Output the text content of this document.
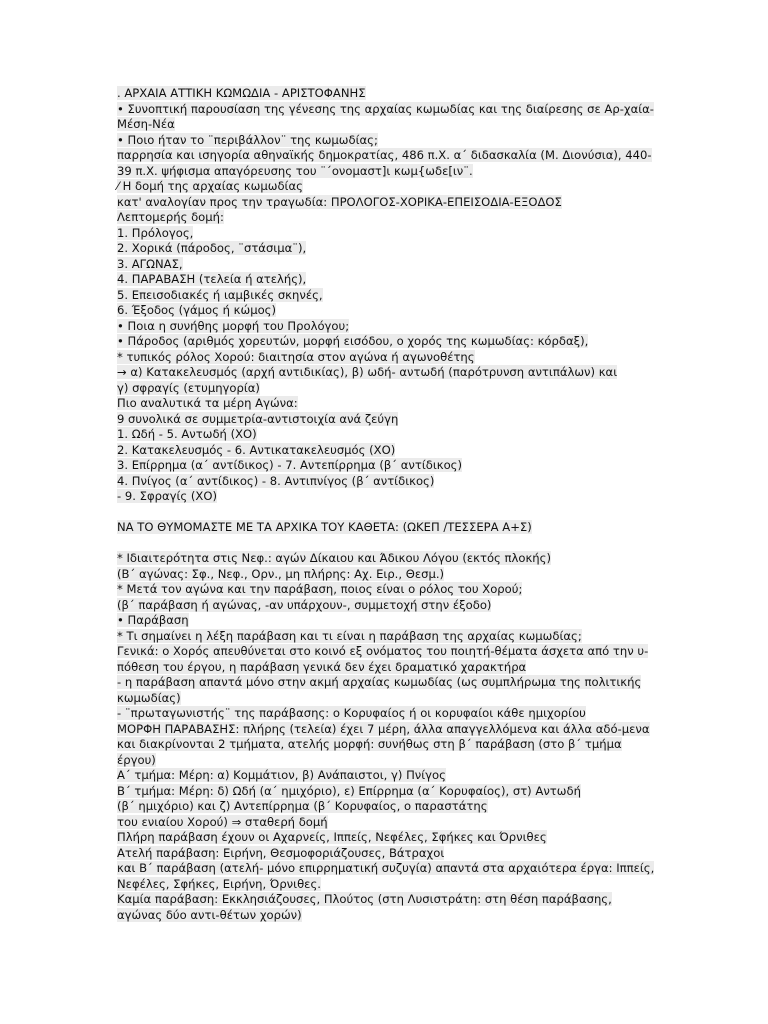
. ΑΡΧΑΙΑ ΑΤΤΙΚΗ ΚΩΜΩΔΙΑ - ΑΡΙΣΤΟΦΑΝΗΣ
• Συνοπτική παρουσίαση της γένεσης της αρχαίας κωμωδίας και της διαίρεσης σε Αρ-χαία-
Μέση-Νέα
• Ποιο ήταν το ¨περιβάλλον¨ της κωμωδίας;
παρρησία και ισηγορία αθηναϊκής δημοκρατίας, 486 π.Χ. α΄ διδασκαλία (Μ. Διονύσια), 440-
39 π.Χ. ψήφισμα απαγόρευσης του ¨΄ονομαστ]ι κωμ{ωδε[ιν¨.
⁄ Η δομή της αρχαίας κωμωδίας
κατ' αναλογίαν προς την τραγωδία: ΠΡΟΛΟΓΟΣ-ΧΟΡΙΚΑ-ΕΠΕΙΣΟΔΙΑ-ΕΞΟΔΟΣ
Λεπτομερής δομή:
1. Πρόλογος,
2. Χορικά (πάροδος, ¨στάσιμα¨),
3. ΑΓΩΝΑΣ,
4. ΠΑΡΑΒΑΣΗ (τελεία ή ατελής),
5. Επεισοδιακές ή ιαμβικές σκηνές,
6. Έξοδος (γάμος ή κώμος)
• Ποια η συνήθης μορφή του Προλόγου;
• Πάροδος (αριθμός χορευτών, μορφή εισόδου, ο χορός της κωμωδίας: κόρδαξ),
* τυπικός ρόλος Χορού: διαιτησία στον αγώνα ή αγωνοθέτης
→ α) Κατακελευσμός (αρχή αντιδικίας), β) ωδή- αντωδή (παρότρυνση αντιπάλων) και
γ) σφραγίς (ετυμηγορία)
Πιο αναλυτικά τα μέρη Αγώνα:
9 συνολικά σε συμμετρία-αντιστοιχία ανά ζεύγη
1. Ωδή - 5. Αντωδή (ΧΟ)
2. Κατακελευσμός - 6. Αντικατακελευσμός (ΧΟ)
3. Επίρρημα (α΄ αντίδικος) - 7. Αντεπίρρημα (β΄ αντίδικος)
4. Πνίγος (α΄ αντίδικος) - 8. Αντιπνίγος (β΄ αντίδικος)
- 9. Σφραγίς (ΧΟ)
ΝΑ ΤΟ ΘΥΜΟΜΑΣΤΕ ΜΕ ΤΑ ΑΡΧΙΚΑ ΤΟΥ ΚΑΘΕΤΑ: (ΩΚΕΠ /ΤΕΣΣΕΡΑ Α+Σ)
* Ιδιαιτερότητα στις Νεφ.: αγών Δίκαιου και Άδικου Λόγου (εκτός πλοκής)
(Β΄ αγώνας: Σφ., Νεφ., Ορν., μη πλήρης: Αχ. Ειρ., Θεσμ.)
* Μετά τον αγώνα και την παράβαση, ποιος είναι ο ρόλος του Χορού;
(β΄ παράβαση ή αγώνας, -αν υπάρχουν-, συμμετοχή στην έξοδο)
• Παράβαση
* Τι σημαίνει η λέξη παράβαση και τι είναι η παράβαση της αρχαίας κωμωδίας;
Γενικά: ο Χορός απευθύνεται στο κοινό εξ ονόματος του ποιητή-θέματα άσχετα από την υ-
πόθεση του έργου, η παράβαση γενικά δεν έχει δραματικό χαρακτήρα
- η παράβαση απαντά μόνο στην ακμή αρχαίας κωμωδίας (ως συμπλήρωμα της πολιτικής
κωμωδίας)
- ¨πρωταγωνιστής¨ της παράβασης: ο Κορυφαίος ή οι κορυφαίοι κάθε ημιχορίου
ΜΟΡΦΗ ΠΑΡΑΒΑΣΗΣ: πλήρης (τελεία) έχει 7 μέρη, άλλα απαγγελλόμενα και άλλα αδό-μενα
και διακρίνονται 2 τμήματα, ατελής μορφή: συνήθως στη β΄ παράβαση (στο β΄ τμήμα
έργου)
Α΄ τμήμα: Μέρη: α) Κομμάτιον, β) Ανάπαιστοι, γ) Πνίγος
Β΄ τμήμα: Μέρη: δ) Ωδή (α΄ ημιχόριο), ε) Επίρρημα (α΄ Κορυφαίος), στ) Αντωδή
(β΄ ημιχόριο) και ζ) Αντεπίρρημα (β΄ Κορυφαίος, ο παραστάτης
του ενιαίου Χορού) ⇒ σταθερή δομή
Πλήρη παράβαση έχουν οι Αχαρνείς, Ιππείς, Νεφέλες, Σφήκες και Όρνιθες
Ατελή παράβαση: Ειρήνη, Θεσμοφοριάζουσες, Βάτραχοι
και Β΄ παράβαση (ατελή- μόνο επιρρηματική συζυγία) απαντά στα αρχαιότερα έργα: Ιππείς,
Νεφέλες, Σφήκες, Ειρήνη, Όρνιθες.
Καμία παράβαση: Εκκλησιάζουσες, Πλούτος (στη Λυσιστράτη: στη θέση παράβασης,
αγώνας δύο αντι-θέτων χορών)
